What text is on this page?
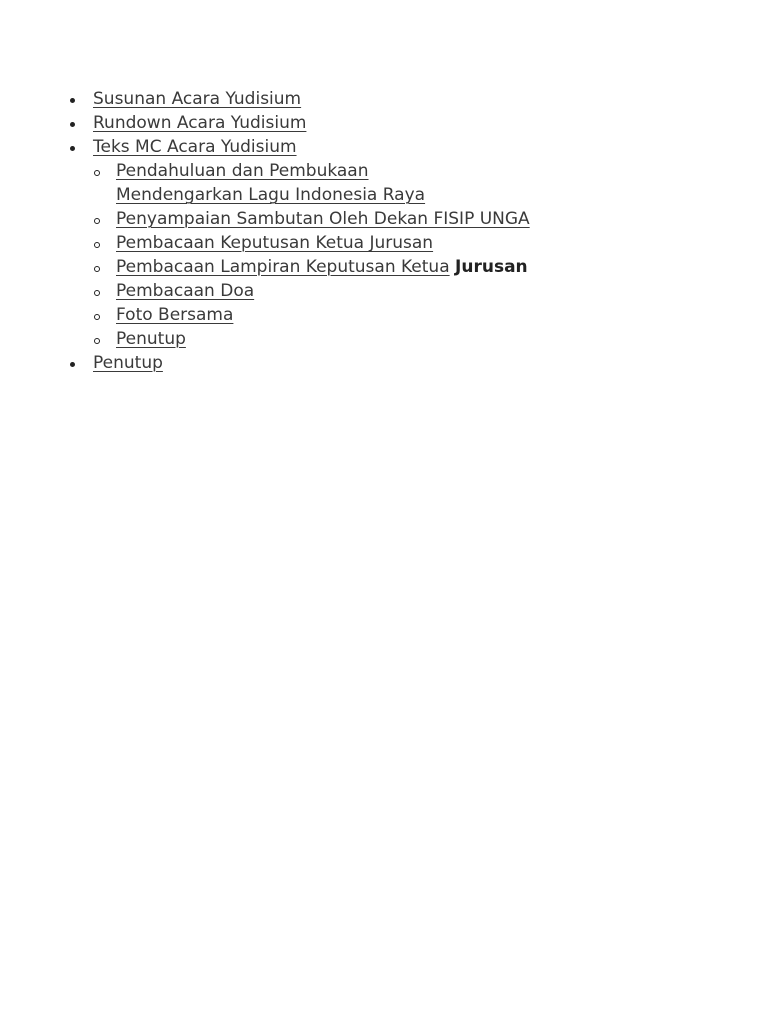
Susunan Acara Yudisium
Rundown Acara Yudisium
Teks MC Acara Yudisium
Pendahuluan dan Pembukaan Mendengarkan Lagu Indonesia Raya
Penyampaian Sambutan Oleh Dekan FISIP UNGA
Pembacaan Keputusan Ketua Jurusan
Pembacaan Lampiran Keputusan Ketua Jurusan
Pembacaan Doa
Foto Bersama
Penutup
Penutup
